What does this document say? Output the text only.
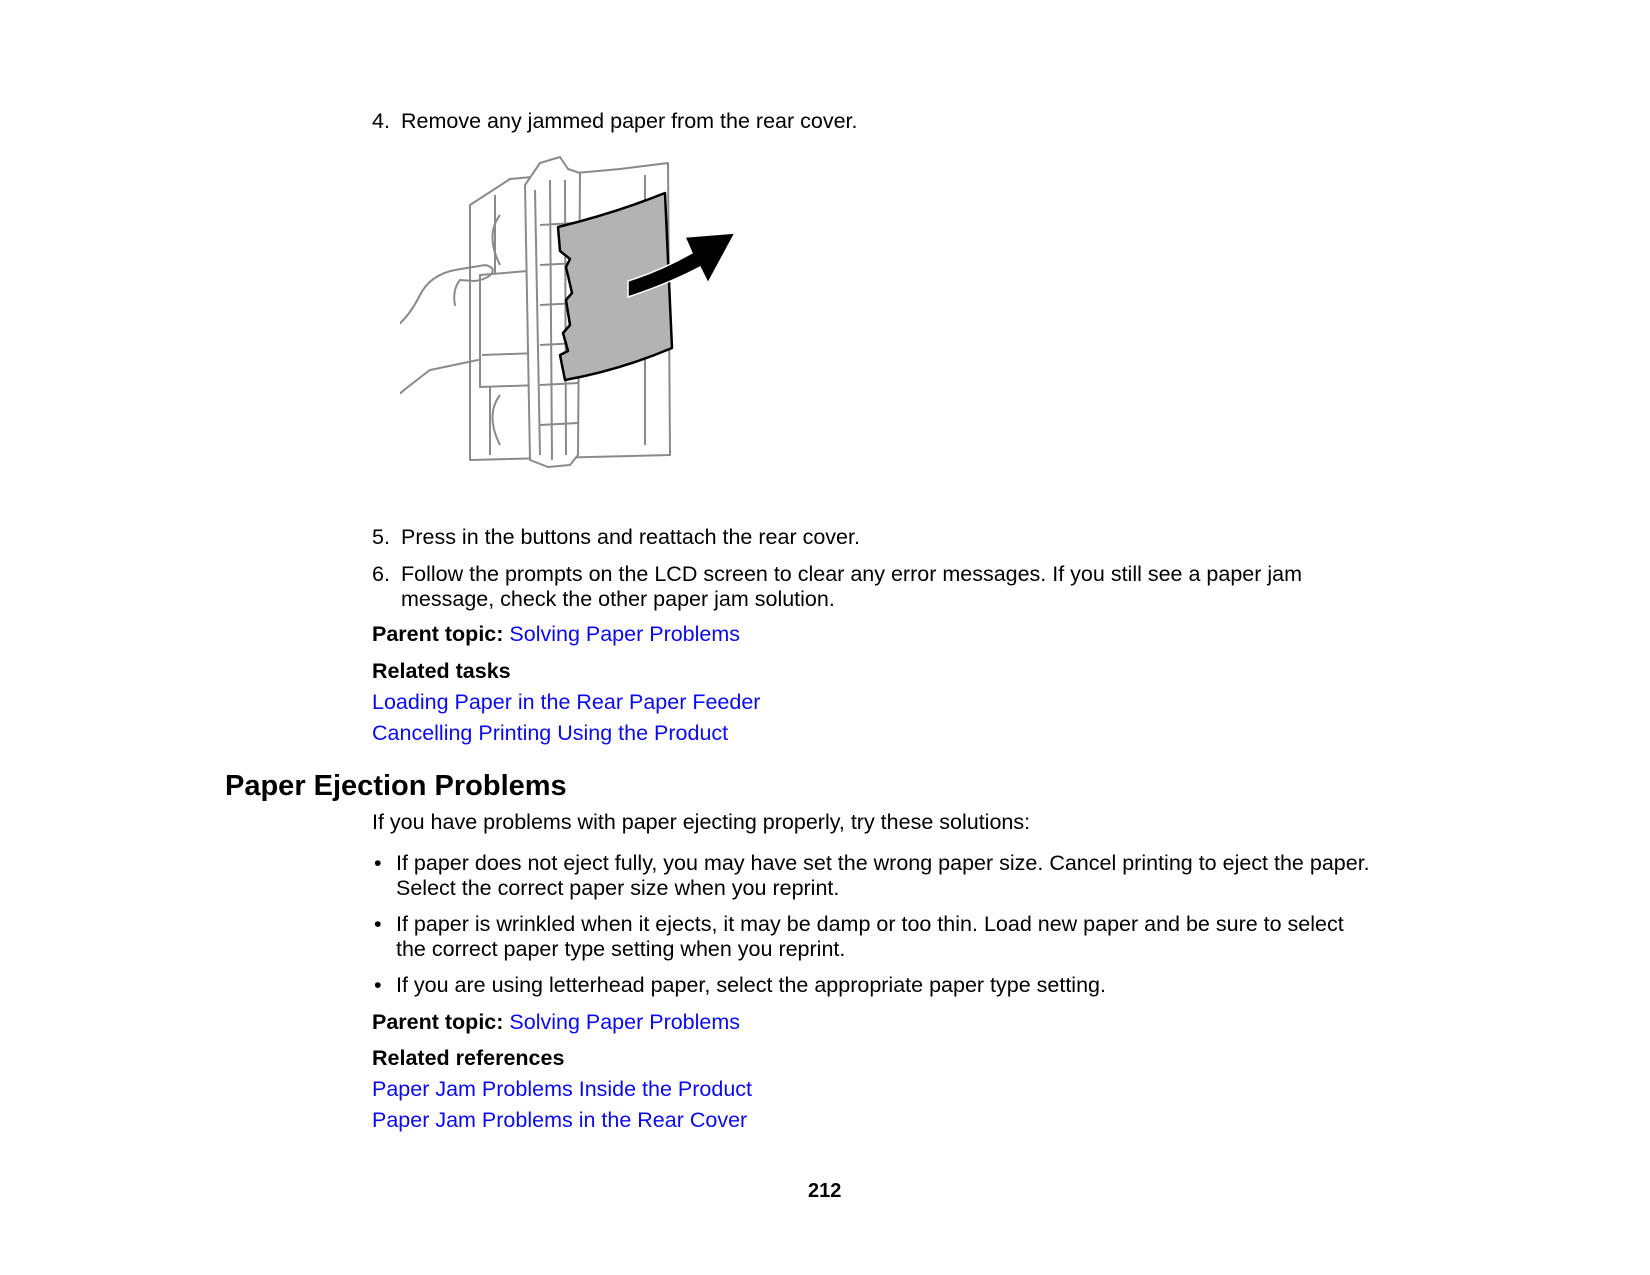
4. Remove any jammed paper from the rear cover.
5. Press in the buttons and reattach the rear cover.
6. Follow the prompts on the LCD screen to clear any error messages. If you still see a paper jam
message, check the other paper jam solution.
Parent topic: Solving Paper Problems
Related tasks
Loading Paper in the Rear Paper Feeder
Cancelling Printing Using the Product
Paper Ejection Problems
If you have problems with paper ejecting properly, try these solutions:
• If paper does not eject fully, you may have set the wrong paper size. Cancel printing to eject the paper.
Select the correct paper size when you reprint.
• If paper is wrinkled when it ejects, it may be damp or too thin. Load new paper and be sure to select
the correct paper type setting when you reprint.
• If you are using letterhead paper, select the appropriate paper type setting.
Parent topic: Solving Paper Problems
Related references
Paper Jam Problems Inside the Product
Paper Jam Problems in the Rear Cover
212
